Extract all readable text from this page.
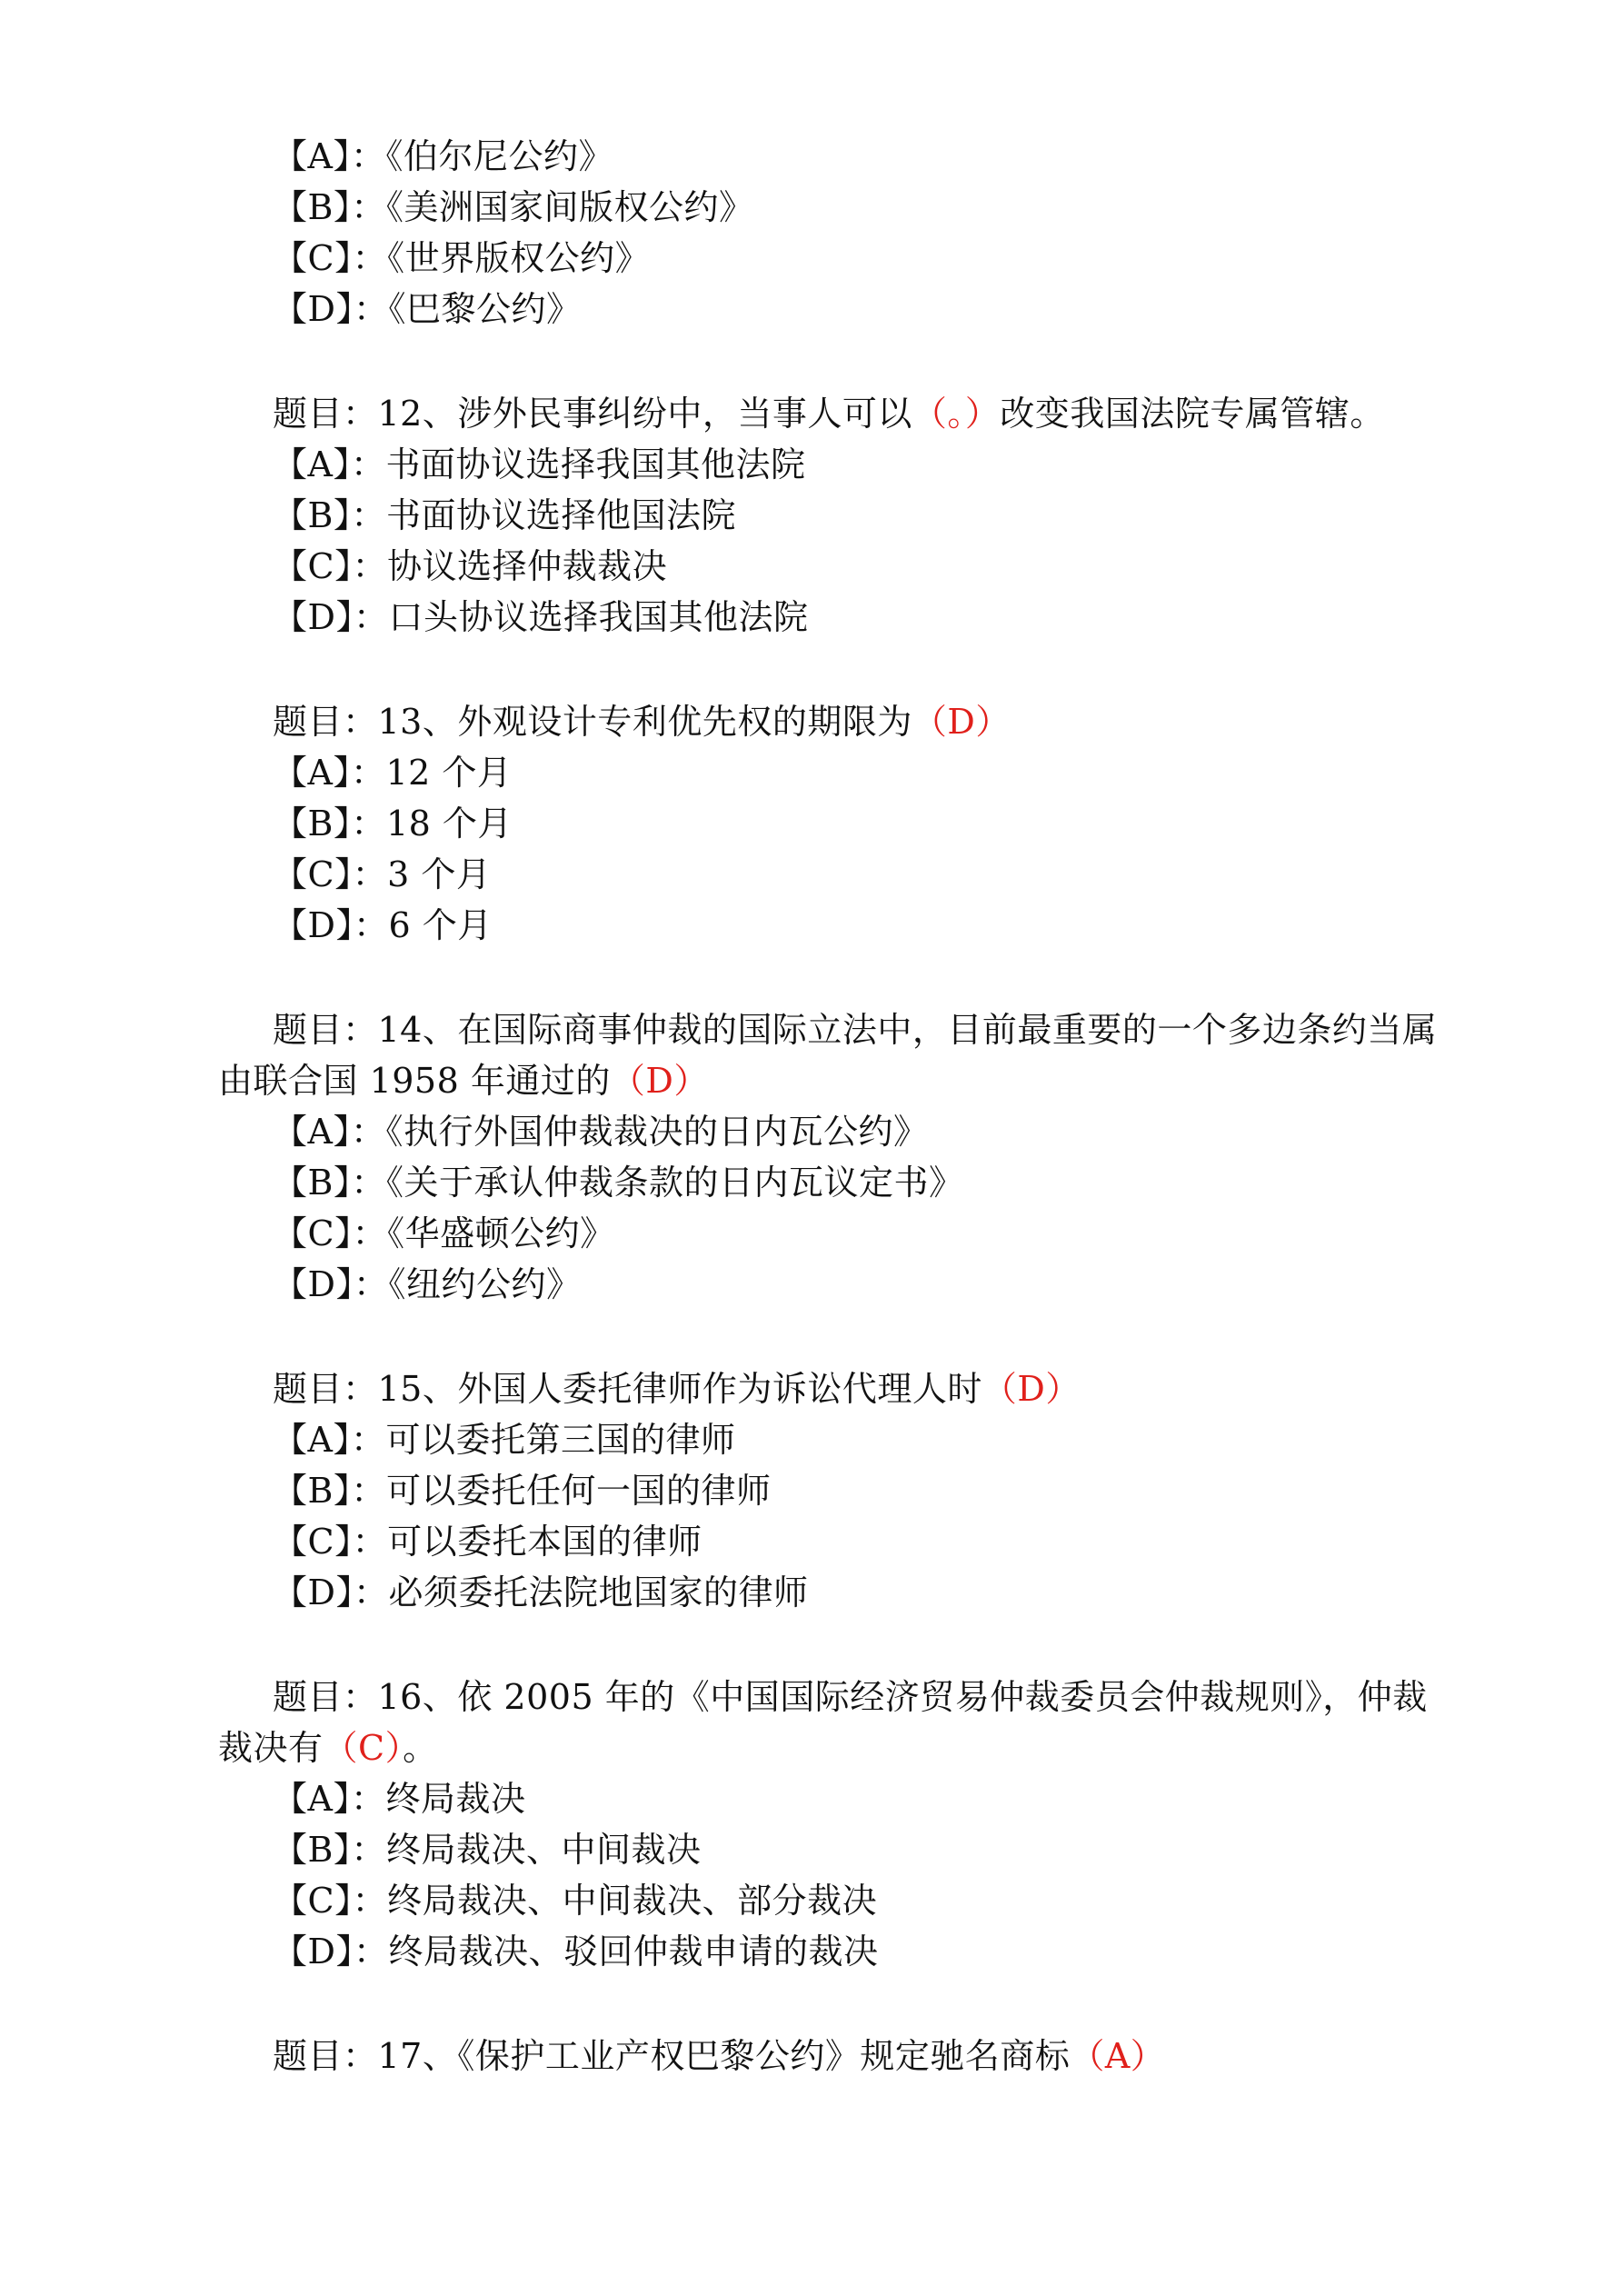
【A】：《伯尔尼公约》
【B】：《美洲国家间版权公约》
【C】：《世界版权公约》
【D】：《巴黎公约》
题目：12、涉外民事纠纷中，当事人可以（。）改变我国法院专属管辖。
【A】：书面协议选择我国其他法院
【B】：书面协议选择他国法院
【C】：协议选择仲裁裁决
【D】：口头协议选择我国其他法院
题目：13、外观设计专利优先权的期限为（D）
【A】：12 个月
【B】：18 个月
【C】：3 个月
【D】：6 个月
题目：14、在国际商事仲裁的国际立法中，目前最重要的一个多边条约当属
由联合国 1958 年通过的（D）
【A】：《执行外国仲裁裁决的日内瓦公约》
【B】：《关于承认仲裁条款的日内瓦议定书》
【C】：《华盛顿公约》
【D】：《纽约公约》
题目：15、外国人委托律师作为诉讼代理人时（D）
【A】：可以委托第三国的律师
【B】：可以委托任何一国的律师
【C】：可以委托本国的律师
【D】：必须委托法院地国家的律师
题目：16、依 2005 年的《中国国际经济贸易仲裁委员会仲裁规则》，仲裁
裁决有（C）。
【A】：终局裁决
【B】：终局裁决、中间裁决
【C】：终局裁决、中间裁决、部分裁决
【D】：终局裁决、驳回仲裁申请的裁决
题目：17、《保护工业产权巴黎公约》规定驰名商标（A）
